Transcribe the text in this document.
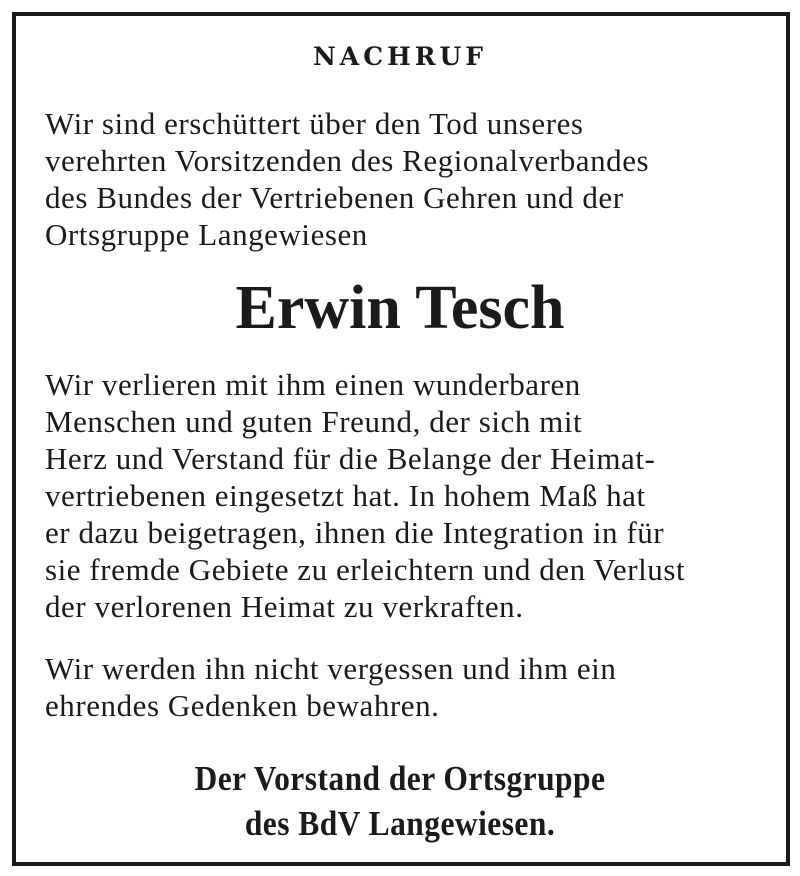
NACHRUF
Wir sind erschüttert über den Tod unseres
verehrten Vorsitzenden des Regionalverbandes
des Bundes der Vertriebenen Gehren und der
Ortsgruppe Langewiesen
Erwin Tesch
Wir verlieren mit ihm einen wunderbaren
Menschen und guten Freund, der sich mit
Herz und Verstand für die Belange der Heimat-
vertriebenen eingesetzt hat. In hohem Maß hat
er dazu beigetragen, ihnen die Integration in für
sie fremde Gebiete zu erleichtern und den Verlust
der verlorenen Heimat zu verkraften.
Wir werden ihn nicht vergessen und ihm ein
ehrendes Gedenken bewahren.
Der Vorstand der Ortsgruppe
des BdV Langewiesen.
